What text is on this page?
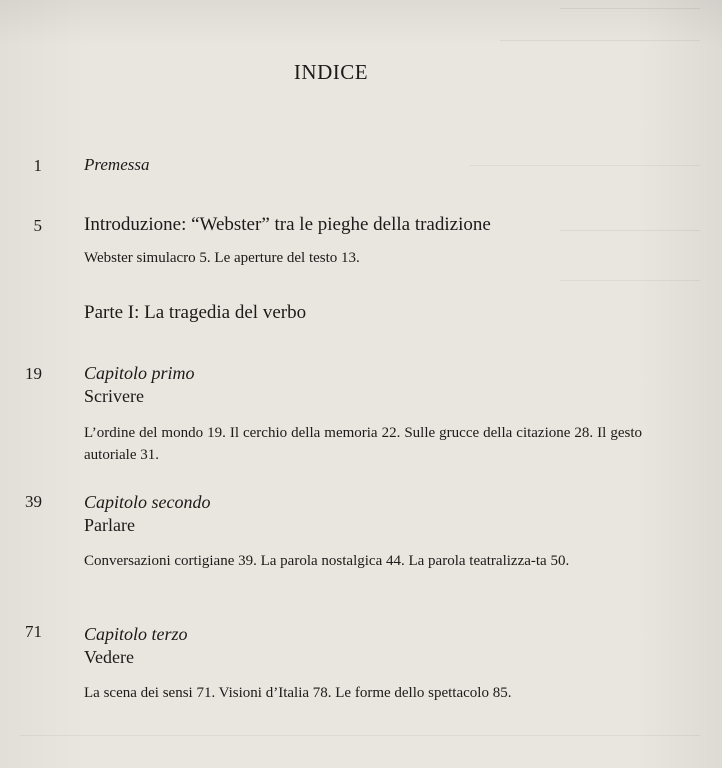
INDICE
1 Premessa
5 Introduzione: “Webster” tra le pieghe della tradizione
Webster simulacro 5. Le aperture del testo 13.
Parte I: La tragedia del verbo
19 Capitolo primo
Scrivere
L’ordine del mondo 19. Il cerchio della memoria 22. Sulle grucce della citazione 28. Il gesto autoriale 31.
39 Capitolo secondo
Parlare
Conversazioni cortigiane 39. La parola nostalgica 44. La parola teatralizza-ta 50.
71 Capitolo terzo
Vedere
La scena dei sensi 71. Visioni d’Italia 78. Le forme dello spettacolo 85.
